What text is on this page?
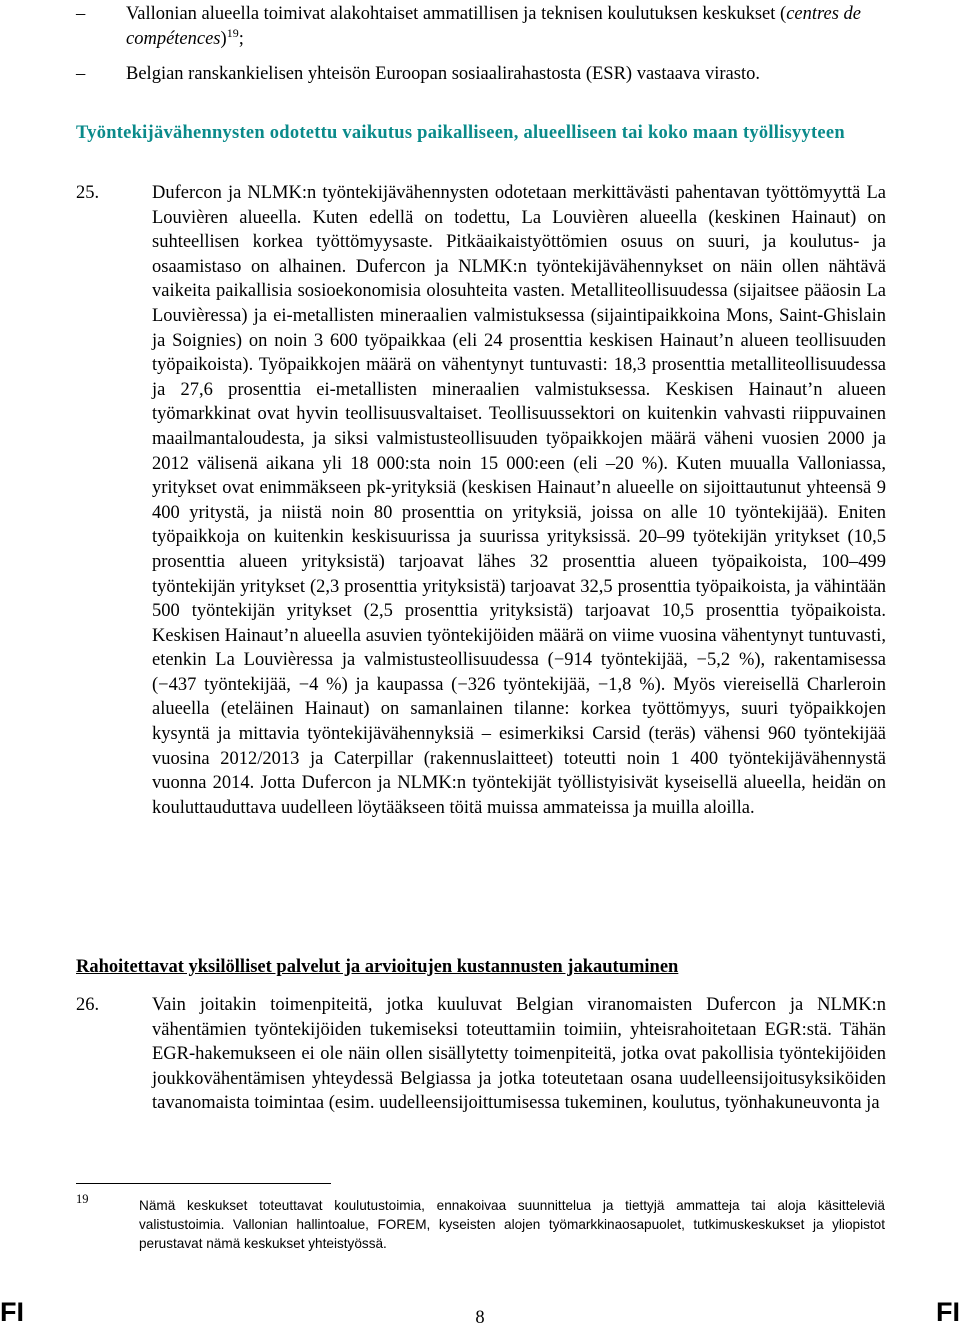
–	Vallonian alueella toimivat alakohtaiset ammatillisen ja teknisen koulutuksen keskukset (centres de compétences)$^{19}$;
–	Belgian ranskankielisen yhteisön Euroopan sosiaalirahastosta (ESR) vastaava virasto.
Työntekijävähennysten odotettu vaikutus paikalliseen, alueelliseen tai koko maan työllisyyteen
25.	Dufercon ja NLMK:n työntekijävähennysten odotetaan merkittävästi pahentavan työttömyyttä La Louvièren alueella. Kuten edellä on todettu, La Louvièren alueella (keskinen Hainaut) on suhteellisen korkea työttömyysaste. Pitkäaikaistyöttömien osuus on suuri, ja koulutus- ja osaamistaso on alhainen. Dufercon ja NLMK:n työntekijävähennykset on näin ollen nähtävä vaikeita paikallisia sosioekonomisia olosuhteita vasten. Metalliteollisuudessa (sijaitsee pääosin La Louvièressa) ja ei-metallisten mineraalien valmistuksessa (sijaintipaikkoina Mons, Saint-Ghislain ja Soignies) on noin 3 600 työpaikkaa (eli 24 prosenttia keskisen Hainaut’n alueen teollisuuden työpaikoista). Työpaikkojen määrä on vähentynyt tuntuvasti: 18,3 prosenttia metalliteollisuudessa ja 27,6 prosenttia ei-metallisten mineraalien valmistuksessa. Keskisen Hainaut’n alueen työmarkkinat ovat hyvin teollisuusvaltaiset. Teollisuussektori on kuitenkin vahvasti riippuvainen maailmantaloudesta, ja siksi valmistusteollisuuden työpaikkojen määrä väheni vuosien 2000 ja 2012 välisenä aikana yli 18 000:sta noin 15 000:een (eli –20 %). Kuten muualla Valloniassa, yritykset ovat enimmäkseen pk-yrityksiä (keskisen Hainaut’n alueelle on sijoittautunut yhteensä 9 400 yritystä, ja niistä noin 80 prosenttia on yrityksiä, joissa on alle 10 työntekijää). Eniten työpaikkoja on kuitenkin keskisuurissa ja suurissa yrityksissä. 20–99 työtekijän yritykset (10,5 prosenttia alueen yrityksistä) tarjoavat lähes 32 prosenttia alueen työpaikoista, 100–499 työntekijän yritykset (2,3 prosenttia yrityksistä) tarjoavat 32,5 prosenttia työpaikoista, ja vähintään 500 työntekijän yritykset (2,5 prosenttia yrityksistä) tarjoavat 10,5 prosenttia työpaikoista. Keskisen Hainaut’n alueella asuvien työntekijöiden määrä on viime vuosina vähentynyt tuntuvasti, etenkin La Louvièressa ja valmistusteollisuudessa (−914 työntekijää, −5,2 %), rakentamisessa (−437 työntekijää, −4 %) ja kaupassa (−326 työntekijää, −1,8 %). Myös viereisellä Charleroin alueella (eteläinen Hainaut) on samanlainen tilanne: korkea työttömyys, suuri työpaikkojen kysyntä ja mittavia työntekijävähennyksiä – esimerkiksi Carsid (teräs) vähensi 960 työntekijää vuosina 2012/2013 ja Caterpillar (rakennuslaitteet) toteutti noin 1 400 työntekijävähennystä vuonna 2014. Jotta Dufercon ja NLMK:n työntekijät työllistyisivät kyseisellä alueella, heidän on kouluttauduttava uudelleen löytääkseen töitä muissa ammateissa ja muilla aloilla.
Rahoitettavat yksilölliset palvelut ja arvioitujen kustannusten jakautuminen
26.	Vain joitakin toimenpiteitä, jotka kuuluvat Belgian viranomaisten Dufercon ja NLMK:n vähentämien työntekijöiden tukemiseksi toteuttamiin toimiin, yhteisrahoitetaan EGR:stä. Tähän EGR-hakemukseen ei ole näin ollen sisällytetty toimenpiteitä, jotka ovat pakollisia työntekijöiden joukkovähentämisen yhteydessä Belgiassa ja jotka toteutetaan osana uudelleensijoitusyksiköiden tavanomaista toimintaa (esim. uudelleensijoittumisessa tukeminen, koulutus, työnhakuneuvonta ja
19	Nämä keskukset toteuttavat koulutustoimia, ennakoivaa suunnittelua ja tiettyjä ammatteja tai aloja käsitteleviä valistustoimia. Vallonian hallintoalue, FOREM, kyseisten alojen työmarkkinaosapuolet, tutkimuskeskukset ja yliopistot perustavat nämä keskukset yhteistyössä.
FI	8	FI
